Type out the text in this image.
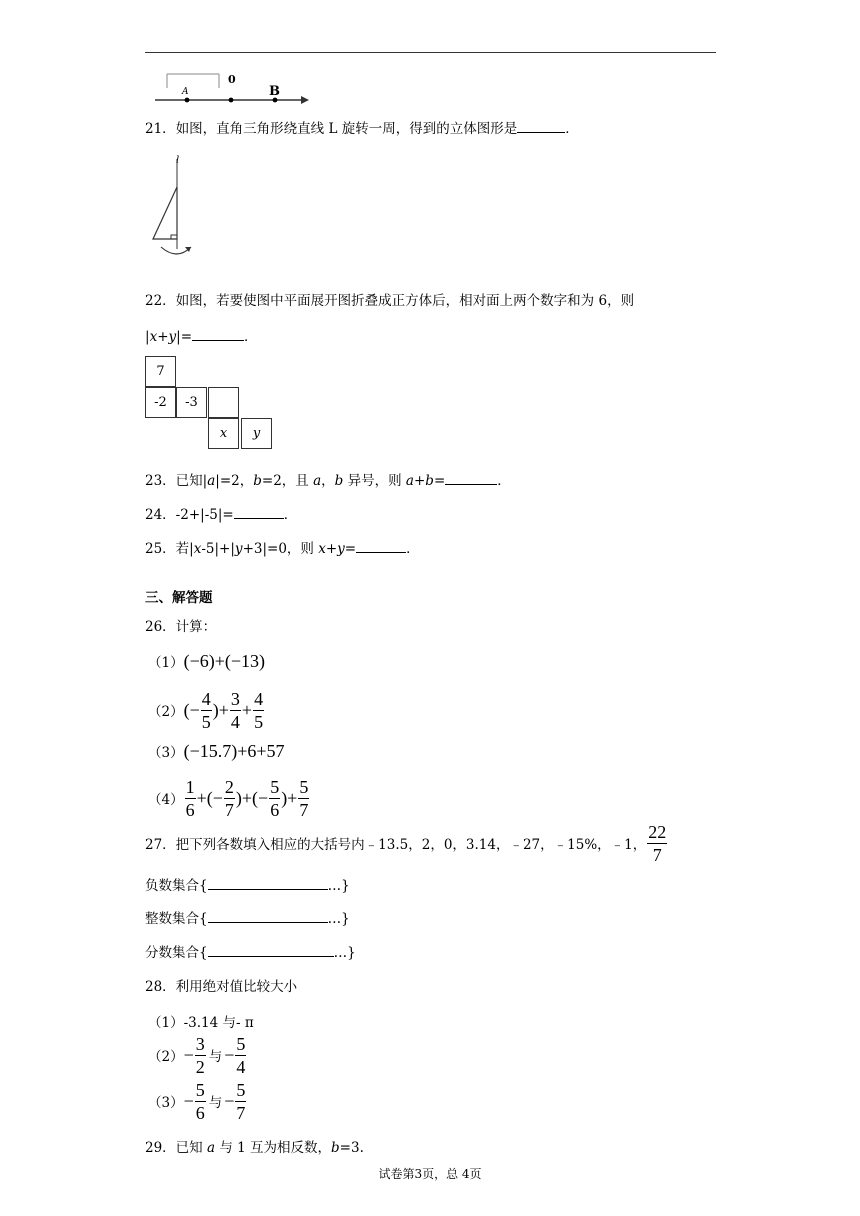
0
A	B
21．如图，直角三角形绕直线 L 旋转一周，得到的立体图形是	．
l
22．如图，若要使图中平面展开图折叠成正方体后，相对面上两个数字和为 6，则
|x+y|=	．
7
-2	-3
x	y
23．已知|a|=2，b=2，且 a，b 异号，则 a+b=	．
24．-2+|-5|=	．
25．若|x-5|+|y+3|=0，则 x+y=	．
三、解答题
26．计算：
（1）(−6)+(−13)
（2） (− $\frac{4}{5}$ )+ $\frac{3}{4} + \frac{4}{5}$
（3）(−15.7)+6+57
$(4) \frac{1}{6}$ +(− $\frac{2}{7}$ )+(− $\frac{5}{6}$ )+ $\frac{5}{7}$
27．把下列各数填入相应的大括号内﹣13.5，2，0，3.14，﹣27，﹣15%，﹣1， $\frac{22}{7}$
负数集合{	…}
整数集合{	…}
分数集合{	…}
28．利用绝对值比较大小
（1）-3.14 与- π
$(2) - \frac{3}{2}$ 与 − $\frac{5}{4}$
$(3) - \frac{5}{6}$ 与 − $\frac{5}{7}$
29．已知 a 与 1 互为相反数，b=3.
试卷第3页，总 4页
